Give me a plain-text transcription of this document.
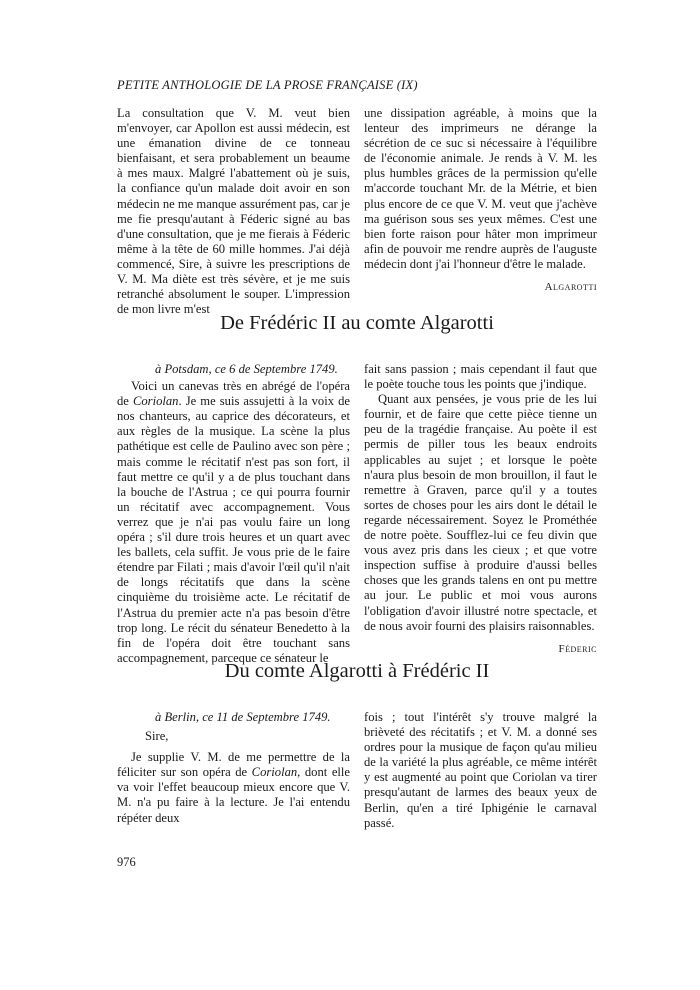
PETITE ANTHOLOGIE DE LA PROSE FRANÇAISE (IX)

La consultation que V. M. veut bien m'envoyer, car Apollon est aussi médecin, est une émanation divine de ce tonneau bienfaisant, et sera probablement un beaume à mes maux. Malgré l'abattement où je suis, la confiance qu'un malade doit avoir en son médecin ne me manque assurément pas, car je me fie presqu'autant à Féderic signé au bas d'une consultation, que je me fierais à Féderic même à la tête de 60 mille hommes. J'ai déjà commencé, Sire, à suivre les prescriptions de V. M. Ma diète est très sévère, et je me suis retranché absolument le souper. L'impression de mon livre m'est

une dissipation agréable, à moins que la lenteur des imprimeurs ne dérange la sécrétion de ce suc si nécessaire à l'équilibre de l'économie animale. Je rends à V. M. les plus humbles grâces de la permission qu'elle m'accorde touchant Mr. de la Métrie, et bien plus encore de ce que V. M. veut que j'achève ma guérison sous ses yeux mêmes. C'est une bien forte raison pour hâter mon imprimeur afin de pouvoir me rendre auprès de l'auguste médecin dont j'ai l'honneur d'être le malade.

Algarotti

De Frédéric II au comte Algarotti

à Potsdam, ce 6 de Septembre 1749.

Voici un canevas très en abrégé de l'opéra de Coriolan. Je me suis assujetti à la voix de nos chanteurs, au caprice des décorateurs, et aux règles de la musique. La scène la plus pathétique est celle de Paulino avec son père ; mais comme le récitatif n'est pas son fort, il faut mettre ce qu'il y a de plus touchant dans la bouche de l'Astrua ; ce qui pourra fournir un récitatif avec accompagnement. Vous verrez que je n'ai pas voulu faire un long opéra ; s'il dure trois heures et un quart avec les ballets, cela suffit. Je vous prie de le faire étendre par Filati ; mais d'avoir l'œil qu'il n'ait de longs récitatifs que dans la scène cinquième du troisième acte. Le récitatif de l'Astrua du premier acte n'a pas besoin d'être trop long. Le récit du sénateur Benedetto à la fin de l'opéra doit être touchant sans accompagnement, parceque ce sénateur le

fait sans passion ; mais cependant il faut que le poète touche tous les points que j'indique.

Quant aux pensées, je vous prie de les lui fournir, et de faire que cette pièce tienne un peu de la tragédie française. Au poète il est permis de piller tous les beaux endroits applicables au sujet ; et lorsque le poète n'aura plus besoin de mon brouillon, il faut le remettre à Graven, parce qu'il y a toutes sortes de choses pour les airs dont le détail le regarde nécessairement. Soyez le Prométhée de notre poète. Soufflez-lui ce feu divin que vous avez pris dans les cieux ; et que votre inspection suffise à produire d'aussi belles choses que les grands talens en ont pu mettre au jour. Le public et moi vous aurons l'obligation d'avoir illustré notre spectacle, et de nous avoir fourni des plaisirs raisonnables.

Féderic

Du comte Algarotti à Frédéric II

à Berlin, ce 11 de Septembre 1749.

Sire,

Je supplie V. M. de me permettre de la féliciter sur son opéra de Coriolan, dont elle va voir l'effet beaucoup mieux encore que V. M. n'a pu faire à la lecture. Je l'ai entendu répéter deux

fois ; tout l'intérêt s'y trouve malgré la brièveté des récitatifs ; et V. M. a donné ses ordres pour la musique de façon qu'au milieu de la variété la plus agréable, ce même intérêt y est augmenté au point que Coriolan va tirer presqu'autant de larmes des beaux yeux de Berlin, qu'en a tiré Iphigénie le carnaval passé.

976
